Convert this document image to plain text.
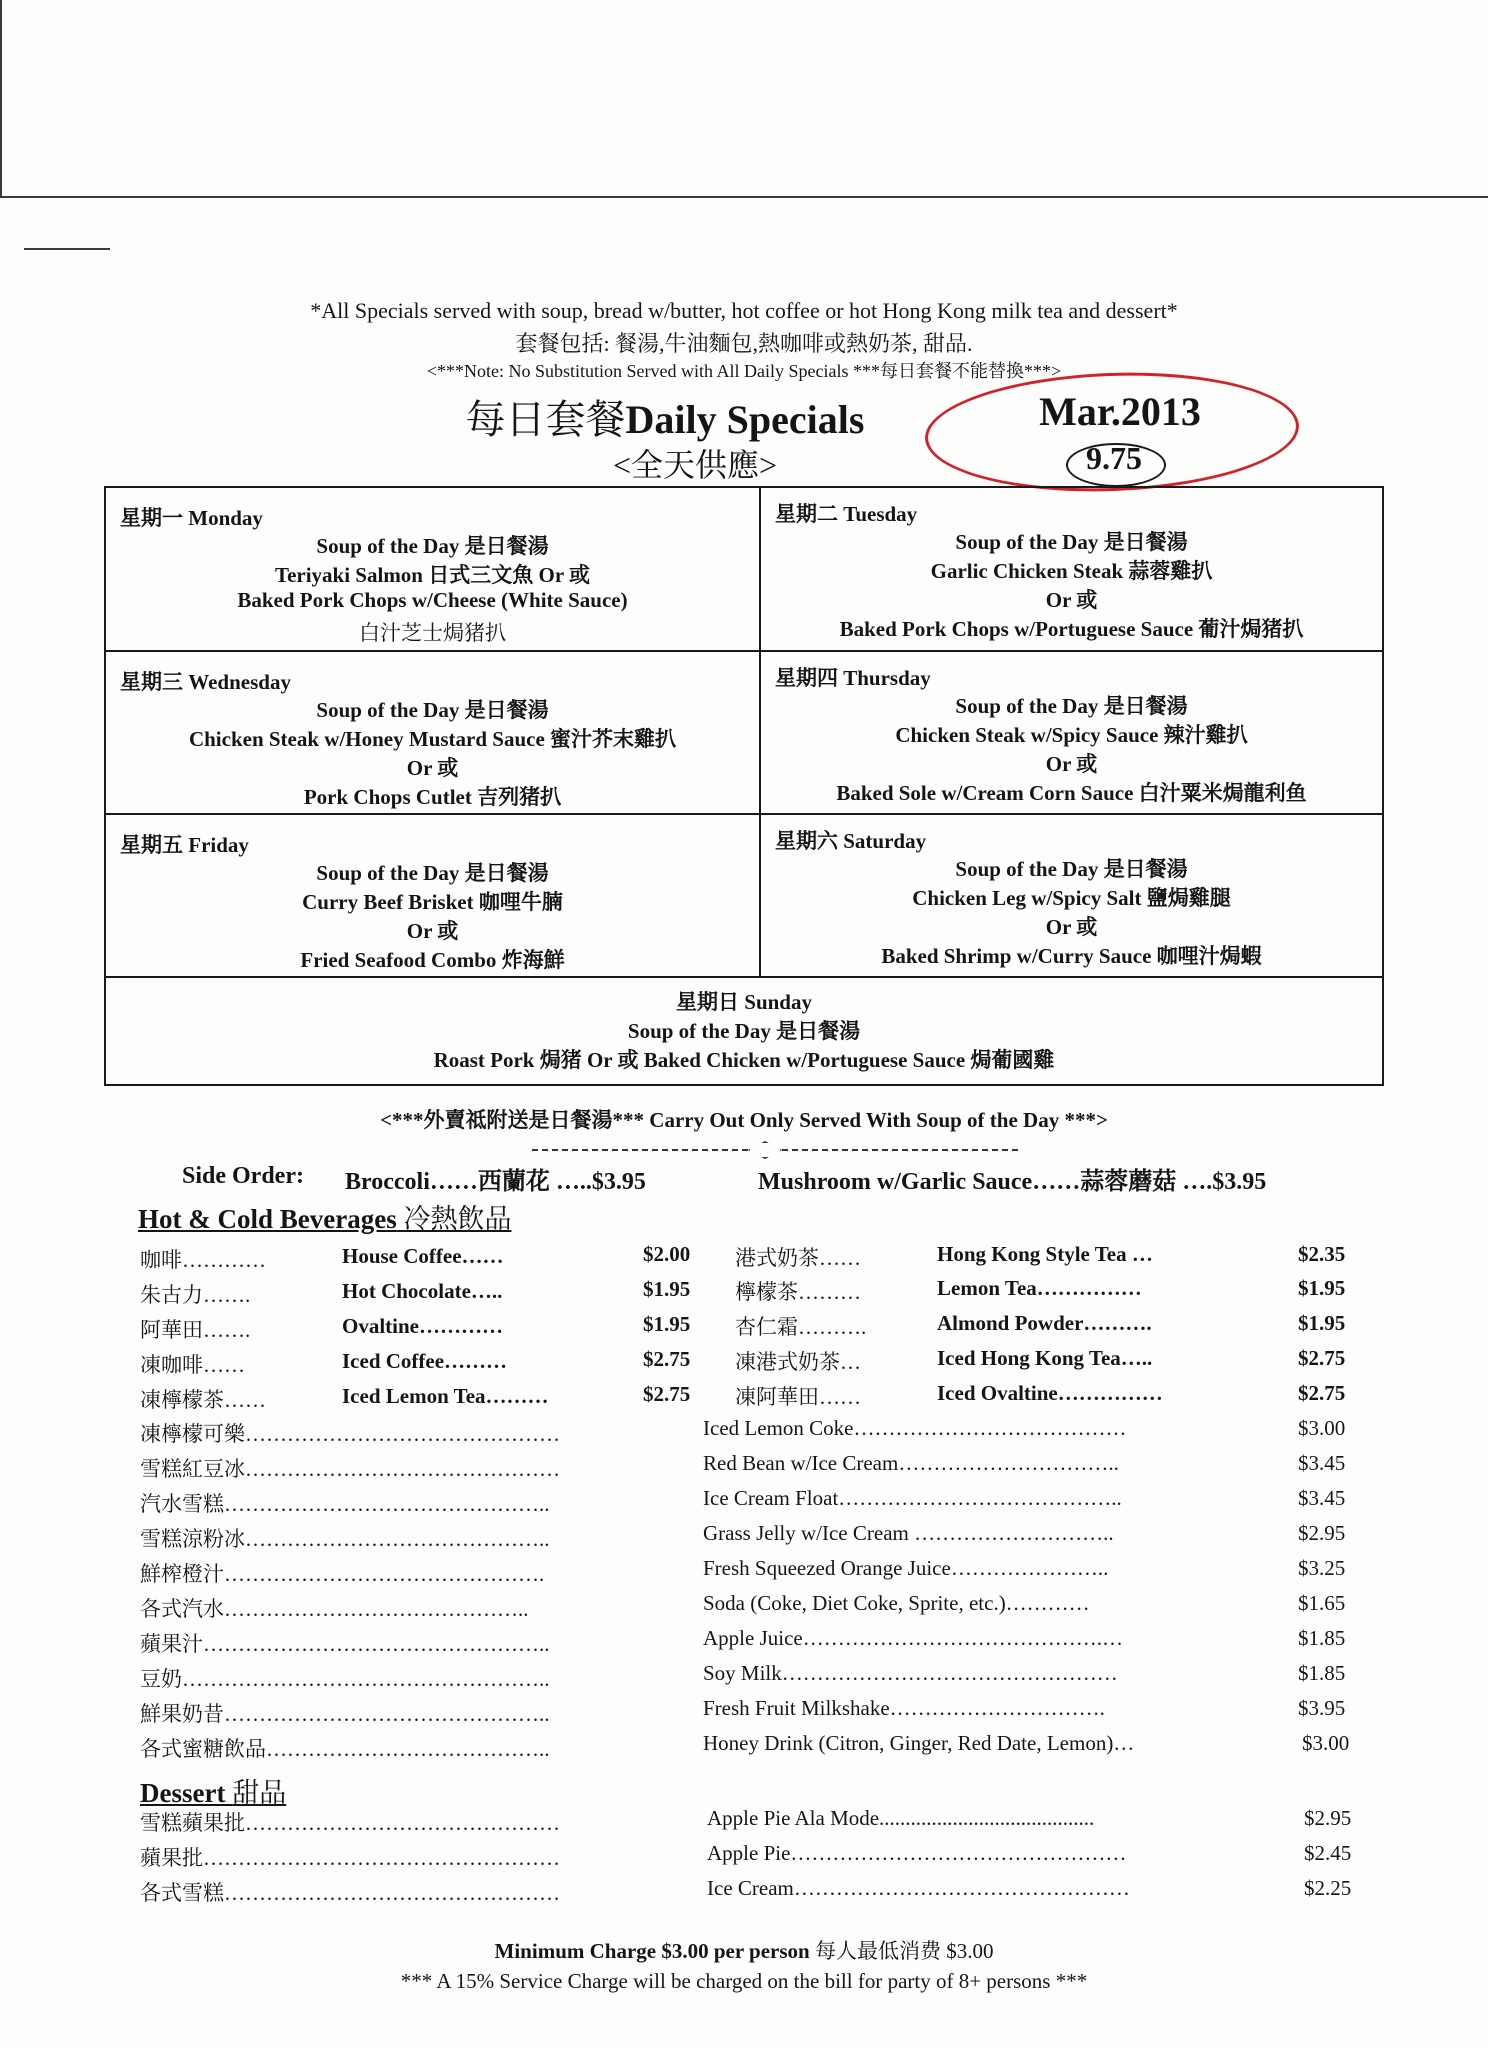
*All Specials served with soup, bread w/butter, hot coffee or hot Hong Kong milk tea and dessert*
套餐包括: 餐湯,牛油麵包,熱咖啡或熱奶茶, 甜品.
<***Note: No Substitution Served with All Daily Specials ***每日套餐不能替換***>
每日套餐Daily Specials
<全天供應>
Mar.2013
9.75
星期一 Monday
Soup of the Day 是日餐湯
Teriyaki Salmon 日式三文魚 Or 或
Baked Pork Chops w/Cheese (White Sauce)
白汁芝士焗猪扒
星期二 Tuesday
Soup of the Day 是日餐湯
Garlic Chicken Steak 蒜蓉雞扒
Or 或
Baked Pork Chops w/Portuguese Sauce 葡汁焗猪扒
星期三 Wednesday
Soup of the Day 是日餐湯
Chicken Steak w/Honey Mustard Sauce 蜜汁芥末雞扒
Or 或
Pork Chops Cutlet 吉列猪扒
星期四 Thursday
Soup of the Day 是日餐湯
Chicken Steak w/Spicy Sauce 辣汁雞扒
Or 或
Baked Sole w/Cream Corn Sauce 白汁粟米焗龍利鱼
星期五 Friday
Soup of the Day 是日餐湯
Curry Beef Brisket 咖哩牛腩
Or 或
Fried Seafood Combo 炸海鮮
星期六 Saturday
Soup of the Day 是日餐湯
Chicken Leg w/Spicy Salt 鹽焗雞腿
Or 或
Baked Shrimp w/Curry Sauce 咖哩汁焗蝦
星期日 Sunday
Soup of the Day 是日餐湯
Roast Pork 焗猪 Or 或 Baked Chicken w/Portuguese Sauce 焗葡國雞
<***外賣祗附送是日餐湯*** Carry Out Only Served With Soup of the Day ***>
Side Order: Broccoli……西蘭花 …..$3.95	Mushroom w/Garlic Sauce……蒜蓉蘑菇 ….$3.95
Hot & Cold Beverages 冷熱飲品
咖啡…………	House Coffee……	$2.00 港式奶茶……	Hong Kong Style Tea …	$2.35
朱古力…….	Hot Chocolate…..	$1.95 檸檬茶………	Lemon Tea……………	$1.95
阿華田…….	Ovaltine…………	$1.95 杏仁霜……….	Almond Powder……….	$1.95
凍咖啡……	Iced Coffee………	$2.75 凍港式奶茶…	Iced Hong Kong Tea…..	$2.75
凍檸檬茶……	Iced Lemon Tea………	$2.75 凍阿華田……	Iced Ovaltine……………	$2.75
凍檸檬可樂………………………………………	Iced Lemon Coke…………………………………	$3.00
雪糕紅豆冰………………………………………	Red Bean w/Ice Cream…………………………..	$3.45
汽水雪糕………………………………………..	Ice Cream Float…………………………………..	$3.45
雪糕涼粉冰……………………………………..	Grass Jelly w/Ice Cream ………………………..	$2.95
鮮榨橙汁……………………………………….	Fresh Squeezed Orange Juice…………………..	$3.25
各式汽水……………………………………..	Soda (Coke, Diet Coke, Sprite, etc.)…………	$1.65
蘋果汁…………………………………………..	Apple Juice…………………………………….…	$1.85
豆奶……………………………………………..	Soy Milk…………………………………………	$1.85
鮮果奶昔………………………………………..	Fresh Fruit Milkshake………………………….	$3.95
各式蜜糖飲品…………………………………..	Honey Drink (Citron, Ginger, Red Date, Lemon)…	$3.00
Dessert 甜品
雪糕蘋果批………………………………………	Apple Pie Ala Mode.........................................	$2.95
蘋果批……………………………………………	Apple Pie…………………………………………	$2.45
各式雪糕…………………………………………	Ice Cream…………………………………………	$2.25
Minimum Charge $3.00 per person 每人最低消费 $3.00
*** A 15% Service Charge will be charged on the bill for party of 8+ persons ***
